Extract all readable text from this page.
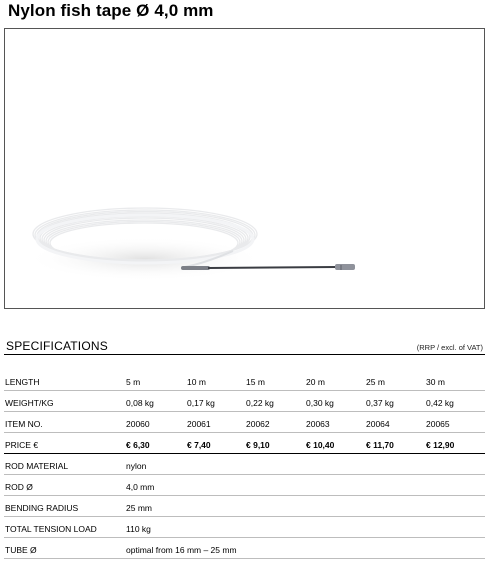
Nylon fish tape Ø 4,0 mm
SPECIFICATIONS	(RRP / excl. of VAT)
LENGTH	5 m	10 m	15 m	20 m	25 m	30 m
WEIGHT/KG	0,08 kg	0,17 kg	0,22 kg	0,30 kg	0,37 kg	0,42 kg
ITEM NO.	20060	20061	20062	20063	20064	20065
PRICE €	€ 6,30	€ 7,40	€ 9,10	€ 10,40	€ 11,70	€ 12,90
ROD MATERIAL	nylon
ROD Ø	4,0 mm
BENDING RADIUS	25 mm
TOTAL TENSION LOAD	110 kg
TUBE Ø	optimal from 16 mm – 25 mm
